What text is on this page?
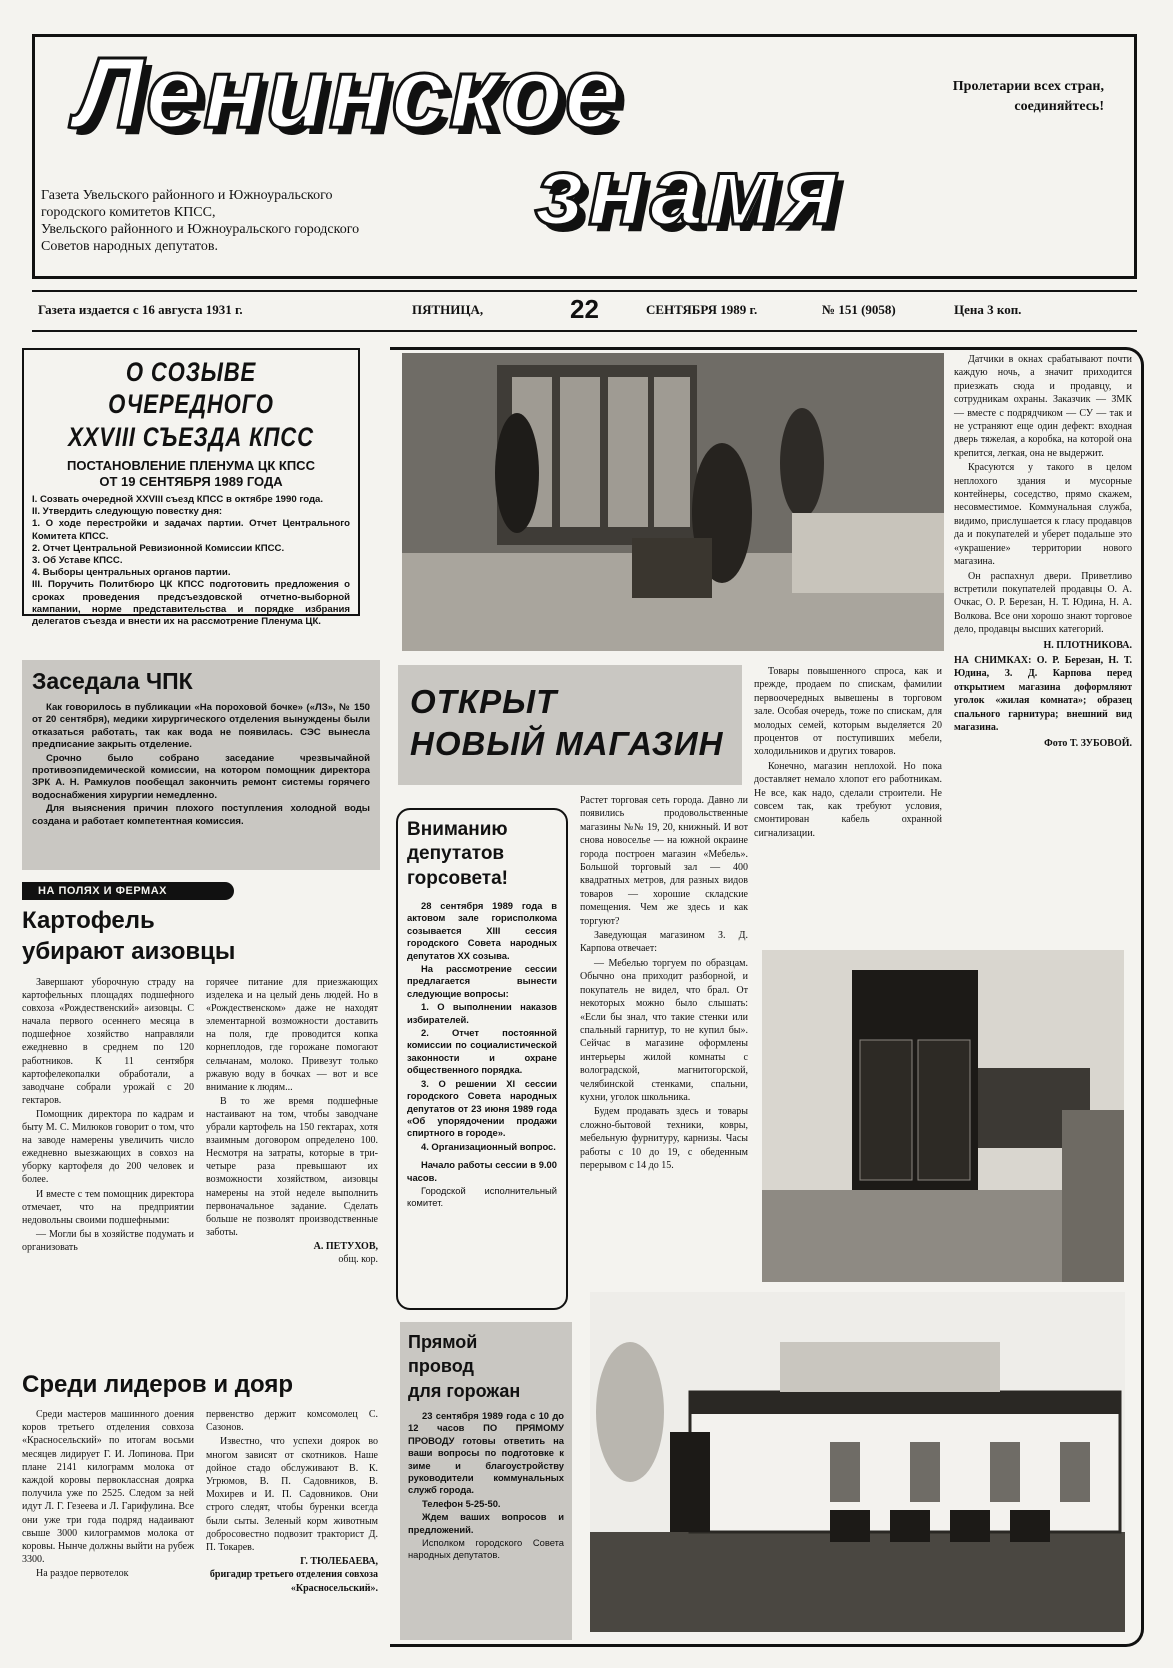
Ленинское
знамя
Пролетарии всех стран,
соединяйтесь!
Газета Увельского районного и Южноуральского
городского комитетов КПСС,
Увельского районного и Южноуральского городского
Советов народных депутатов.
Газета издается с 16 августа 1931 г.	ПЯТНИЦА,	22	СЕНТЯБРЯ 1989 г.	№ 151 (9058)	Цена 3 коп.
О СОЗЫВЕ ОЧЕРЕДНОГО
XXVIII СЪЕЗДА КПСС
ПОСТАНОВЛЕНИЕ ПЛЕНУМА ЦК КПСС
ОТ 19 СЕНТЯБРЯ 1989 ГОДА
I. Созвать очередной XXVIII съезд КПСС в октябре 1990 года.
II. Утвердить следующую повестку дня:
1. О ходе перестройки и задачах партии. Отчет Центрального Комитета КПСС.
2. Отчет Центральной Ревизионной Комиссии КПСС.
3. Об Уставе КПСС.
4. Выборы центральных органов партии.
III. Поручить Политбюро ЦК КПСС подготовить предложения о сроках проведения предсъездовской отчетно-выборной кампании, норме представительства и порядке избрания делегатов съезда и внести их на рассмотрение Пленума ЦК.

Датчики в окнах срабатывают почти каждую ночь, а значит приходится приезжать сюда и продавцу, и сотрудникам охраны. Заказчик — ЗМК — вместе с подрядчиком — СУ — так и не устраняют еще один дефект: входная дверь тяжелая, а коробка, на которой она крепится, легкая, она не выдержит.

Красуются у такого в целом неплохого здания и мусорные контейнеры, соседство, прямо скажем, несовместимое. Коммунальная служба, видимо, прислушается к гласу продавцов да и покупателей и уберет подальше это «украшение» территории нового магазина.

Он распахнул двери. Приветливо встретили покупателей продавцы О. А. Очкас, О. Р. Березан, Н. Т. Юдина, Н. А. Волкова. Все они хорошо знают торговое дело, продавцы высших категорий.

Н. ПЛОТНИКОВА.
НА СНИМКАХ: О. Р. Березан, Н. Т. Юдина, З. Д. Карпова перед открытием магазина доформляют уголок «жилая комната»; образец спального гарнитура; внешний вид магазина.
Фото Т. ЗУБОВОЙ.
Заседала ЧПК

Как говорилось в публикации «На пороховой бочке» («ЛЗ», № 150 от 20 сентября), медики хирургического отделения вынуждены были отказаться работать, так как вода не появилась. СЭС вынесла предписание закрыть отделение.

Срочно было собрано заседание чрезвычайной противоэпидемической комиссии, на котором помощник директора ЗРК А. Н. Рамкулов пообещал закончить ремонт системы горячего водоснабжения хирургии немедленно.

Для выяснения причин плохого поступления холодной воды создана и работает компетентная комиссия.

ОТКРЫТ
НОВЫЙ МАГАЗИН

Товары повышенного спроса, как и прежде, продаем по спискам, фамилии первоочередных вывешены в торговом зале. Особая очередь, тоже по спискам, для молодых семей, которым выделяется 20 процентов от поступивших мебели, холодильников и других товаров.

Конечно, магазин неплохой. Но пока доставляет немало хлопот его работникам. Не все, как надо, сделали строители. Не совсем так, как требуют условия, смонтирован кабель охранной сигнализации.

Вниманию
депутатов
горсовета!

28 сентября 1989 года в актовом зале горисполкома созывается XIII сессия городского Совета народных депутатов XX созыва.

На рассмотрение сессии предлагается вынести следующие вопросы:

1. О выполнении наказов избирателей.

2. Отчет постоянной комиссии по социалистической законности и охране общественного порядка.

3. О решении XI сессии городского Совета народных депутатов от 23 июня 1989 года «Об упорядочении продажи спиртного в городе».

4. Организационный вопрос.

Начало работы сессии в 9.00 часов.

Городской исполнительный комитет.

Растет торговая сеть города. Давно ли появились продовольственные магазины №№ 19, 20, книжный. И вот снова новоселье — на южной окраине города построен магазин «Мебель». Большой торговый зал — 400 квадратных метров, для разных видов товаров — хорошие складские помещения. Чем же здесь и как торгуют?

Заведующая магазином З. Д. Карпова отвечает:

— Мебелью торгуем по образцам. Обычно она приходит разборной, и покупатель не видел, что брал. От некоторых можно было слышать: «Если бы знал, что такие стенки или спальный гарнитур, то не купил бы». Сейчас в магазине оформлены интерьеры жилой комнаты с волоградской, магнитогорской, челябинской стенками, спальни, кухни, уголок школьника.

Будем продавать здесь и товары сложно-бытовой техники, ковры, мебельную фурнитуру, карнизы. Часы работы с 10 до 19, с обеденным перерывом с 14 до 15.

НА ПОЛЯХ И ФЕРМАХ
Картофель
убирают аизовцы

Завершают уборочную страду на картофельных площадях подшефного совхоза «Рождественский» аизовцы. С начала первого осеннего месяца в подшефное хозяйство направляли ежедневно в среднем по 120 работников. К 11 сентября картофелекопалки обработали, а заводчане собрали урожай с 20 гектаров.

Помощник директора по кадрам и быту М. С. Милюков говорит о том, что на заводе намерены увеличить число ежедневно выезжающих в совхоз на уборку картофеля до 200 человек и более.

И вместе с тем помощник директора отмечает, что на предприятии недовольны своими подшефными:

— Могли бы в хозяйстве подумать и организовать

горячее питание для приезжающих изделека и на целый день людей. Но в «Рождественском» даже не находят элементарной возможности доставить на поля, где проводится копка корнеплодов, где горожане помогают сельчанам, молоко. Привезут только ржавую воду в бочках — вот и все внимание к людям...

В то же время подшефные настаивают на том, чтобы заводчане убрали картофель на 150 гектарах, хотя взаимным договором определено 100. Несмотря на затраты, которые в три-четыре раза превышают их возможности хозяйством, аизовцы намерены на этой неделе выполнить первоначальное задание. Сделать больше не позволят производственные заботы.

А. ПЕТУХОВ,
общ. кор.
Среди лидеров и дояр

Среди мастеров машинного доения коров третьего отделения совхоза «Красносельский» по итогам восьми месяцев лидирует Г. И. Лопинова. При плане 2141 килограмм молока от каждой коровы первоклассная доярка получила уже по 2525. Следом за ней идут Л. Г. Гезеева и Л. Гарифулина. Все они уже три года подряд надаивают свыше 3000 килограммов молока от коровы. Нынче должны выйти на рубеж 3300.

На раздое первотелок

первенство держит комсомолец С. Сазонов.

Известно, что успехи доярок во многом зависят от скотников. Наше дойное стадо обслуживают В. К. Угрюмов, В. П. Садовников, В. Мохирев и И. П. Садовников. Они строго следят, чтобы буренки всегда были сыты. Зеленый корм животным добросовестно подвозит тракторист Д. П. Токарев.

Г. ТЮЛЕБАЕВА,
бригадир третьего отделения совхоза «Красносельский».
Прямой
провод
для горожан

23 сентября 1989 года с 10 до 12 часов ПО ПРЯМОМУ ПРОВОДУ готовы ответить на ваши вопросы по подготовке к зиме и благоустройству руководители коммунальных служб города.

Телефон 5-25-50.

Ждем ваших вопросов и предложений.

Исполком городского Совета народных депутатов.
